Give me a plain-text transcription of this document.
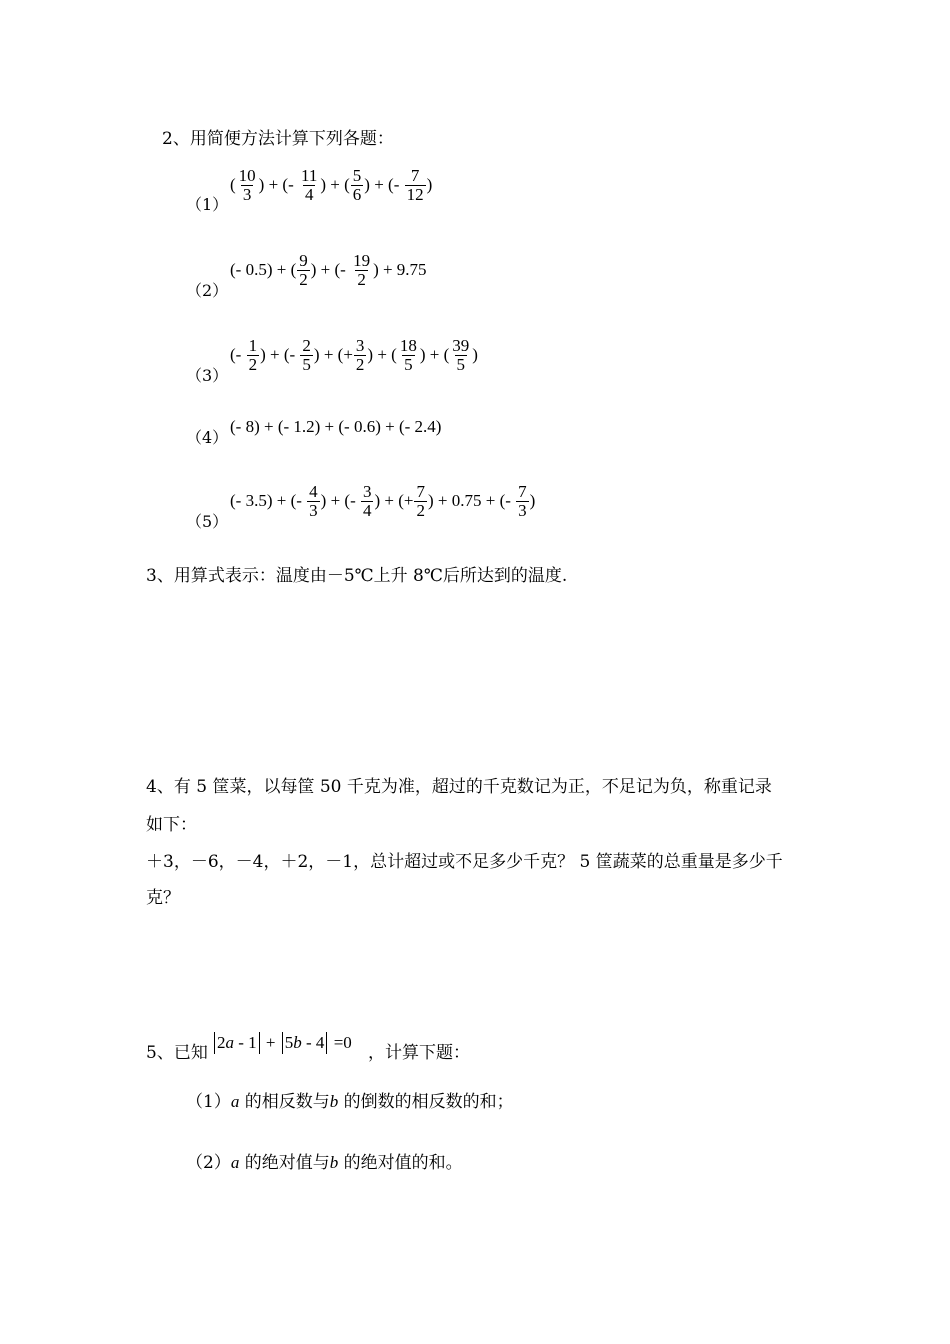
2、用简便方法计算下列各题：
（1）
( $\frac{10}{3}$ ) + (- $\frac{11}{4}$ ) + ( $\frac{5}{6}$ ) + (- $\frac{7}{12}$ )
（2）
(- 0.5) + ( $\frac{9}{2}$ ) + (- $\frac{19}{2}$ ) + 9.75
（3）
(- $\frac{1}{2}$ ) + (- $\frac{2}{5}$ ) + (+ $\frac{3}{2}$ ) + ( $\frac{18}{5}$ ) + ( $\frac{39}{5}$ )
（4）
(- 8) + (- 1.2) + (- 0.6) + (- 2.4)
（5）
(- 3.5) + (- $\frac{4}{3}$ ) + (- $\frac{3}{4}$ ) + (+ $\frac{7}{2}$ ) + 0.75 + (- $\frac{7}{3}$ )
3、用算式表示：温度由－5℃上升 8℃后所达到的温度.
4、有 5 筐菜，以每筐 50 千克为准，超过的千克数记为正，不足记为负，称重记录
如下：
＋3，－6，－4，＋2，－1，总计超过或不足多少千克？ 5 筐蔬菜的总重量是多少千
克？
5、已知
2 a - 1 + 5 b - 4 =0
，计算下题：
（1）a 的相反数与b 的倒数的相反数的和；
（2）a 的绝对值与b 的绝对值的和。
